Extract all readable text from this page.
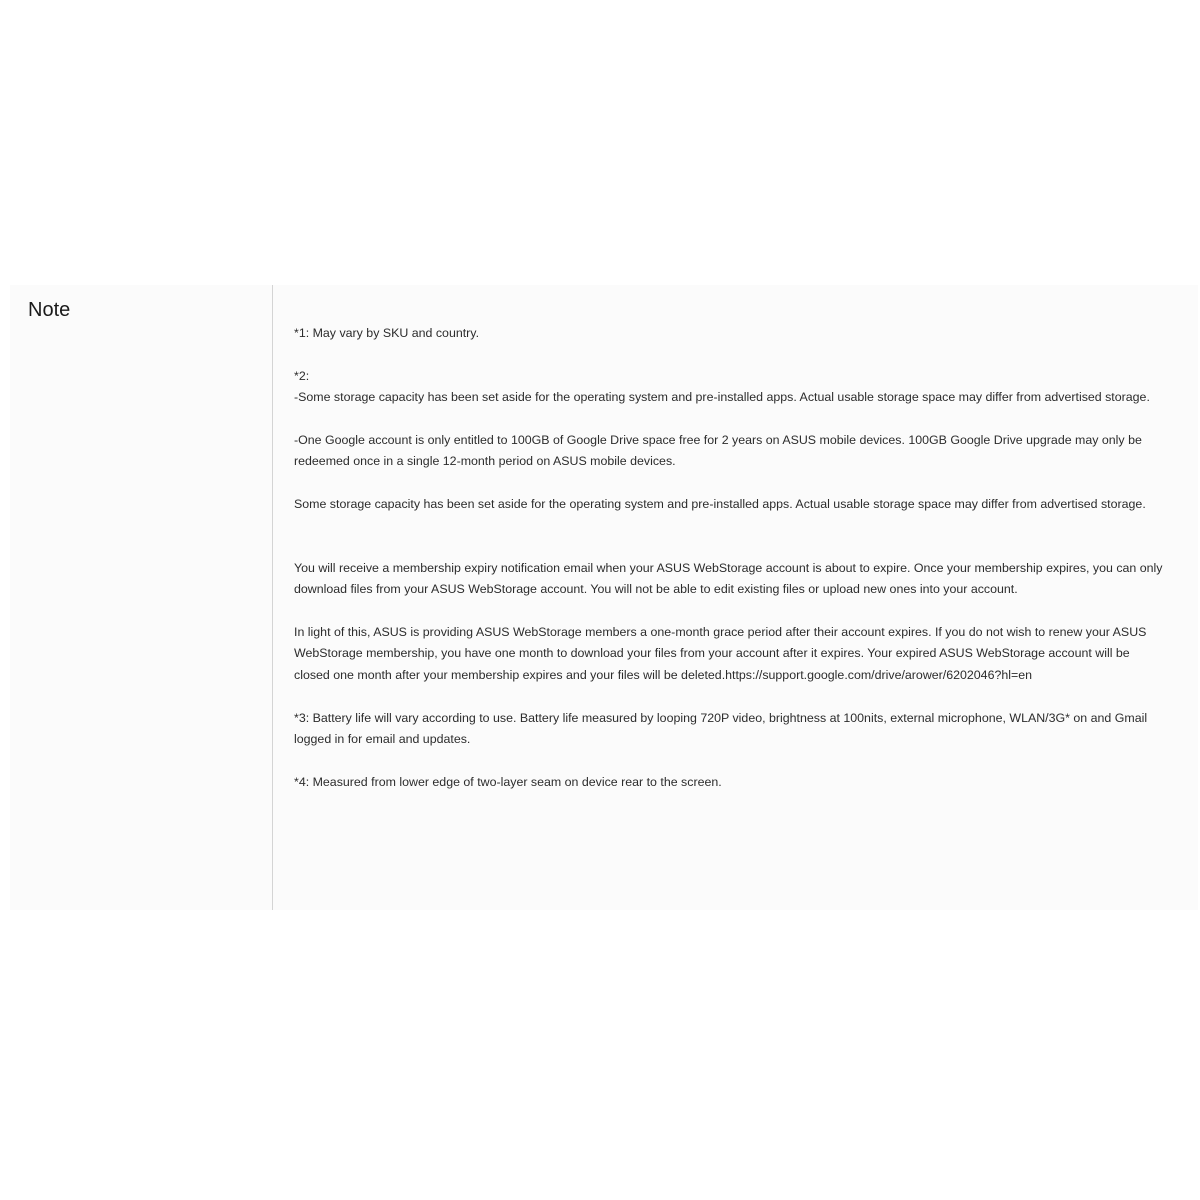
Note

*1: May vary by SKU and country.

*2:

-Some storage capacity has been set aside for the operating system and pre-installed apps. Actual usable storage space may differ from advertised storage.

-One Google account is only entitled to 100GB of Google Drive space free for 2 years on ASUS mobile devices. 100GB Google Drive upgrade may only be redeemed once in a single 12-month period on ASUS mobile devices.

Some storage capacity has been set aside for the operating system and pre-installed apps. Actual usable storage space may differ from advertised storage.

You will receive a membership expiry notification email when your ASUS WebStorage account is about to expire. Once your membership expires, you can only download files from your ASUS WebStorage account. You will not be able to edit existing files or upload new ones into your account.

In light of this, ASUS is providing ASUS WebStorage members a one-month grace period after their account expires. If you do not wish to renew your ASUS WebStorage membership, you have one month to download your files from your account after it expires. Your expired ASUS WebStorage account will be closed one month after your membership expires and your files will be deleted.https://support.google.com/drive/arower/6202046?hl=en

*3: Battery life will vary according to use. Battery life measured by looping 720P video, brightness at 100nits, external microphone, WLAN/3G* on and Gmail logged in for email and updates.

*4: Measured from lower edge of two-layer seam on device rear to the screen.
